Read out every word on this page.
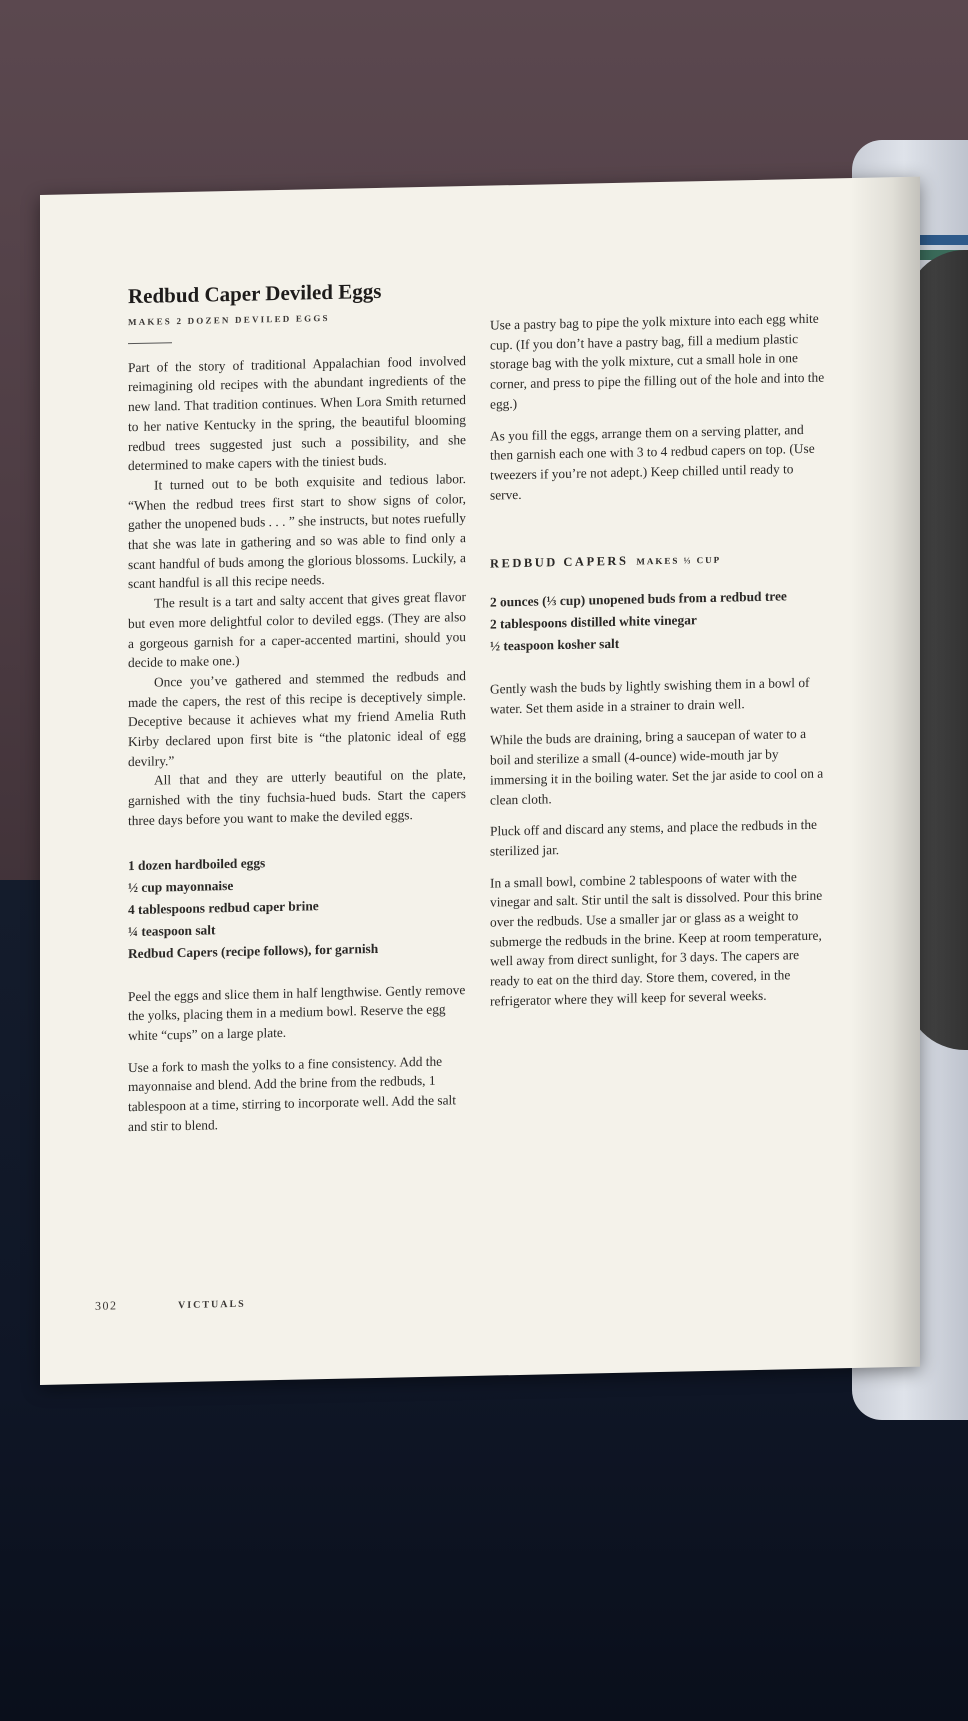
Redbud Caper Deviled Eggs
MAKES 2 DOZEN DEVILED EGGS

Part of the story of traditional Appalachian food involved reimagining old recipes with the abundant ingredients of the new land. That tradition continues. When Lora Smith returned to her native Kentucky in the spring, the beautiful blooming redbud trees suggested just such a possibility, and she determined to make capers with the tiniest buds.

It turned out to be both exquisite and tedious labor. “When the redbud trees first start to show signs of color, gather the unopened buds . . . ” she instructs, but notes ruefully that she was late in gathering and so was able to find only a scant handful of buds among the glorious blossoms. Luckily, a scant handful is all this recipe needs.

The result is a tart and salty accent that gives great flavor but even more delightful color to deviled eggs. (They are also a gorgeous garnish for a caper-accented martini, should you decide to make one.)

Once you’ve gathered and stemmed the redbuds and made the capers, the rest of this recipe is deceptively simple. Deceptive because it achieves what my friend Amelia Ruth Kirby declared upon first bite is “the platonic ideal of egg devilry.”

All that and they are utterly beautiful on the plate, garnished with the tiny fuchsia-hued buds. Start the capers three days before you want to make the deviled eggs.

1 dozen hardboiled eggs
½ cup mayonnaise
4 tablespoons redbud caper brine
¼ teaspoon salt
Redbud Capers (recipe follows), for garnish

Peel the eggs and slice them in half lengthwise. Gently remove the yolks, placing them in a medium bowl. Reserve the egg white “cups” on a large plate.

Use a fork to mash the yolks to a fine consistency. Add the mayonnaise and blend. Add the brine from the redbuds, 1 tablespoon at a time, stirring to incorporate well. Add the salt and stir to blend.

Use a pastry bag to pipe the yolk mixture into each egg white cup. (If you don’t have a pastry bag, fill a medium plastic storage bag with the yolk mixture, cut a small hole in one corner, and press to pipe the filling out of the hole and into the egg.)

As you fill the eggs, arrange them on a serving platter, and then garnish each one with 3 to 4 redbud capers on top. (Use tweezers if you’re not adept.) Keep chilled until ready to serve.

REDBUD CAPERS MAKES ⅓ CUP
2 ounces (⅓ cup) unopened buds from a redbud tree
2 tablespoons distilled white vinegar
½ teaspoon kosher salt

Gently wash the buds by lightly swishing them in a bowl of water. Set them aside in a strainer to drain well.

While the buds are draining, bring a saucepan of water to a boil and sterilize a small (4-ounce) wide-mouth jar by immersing it in the boiling water. Set the jar aside to cool on a clean cloth.

Pluck off and discard any stems, and place the redbuds in the sterilized jar.

In a small bowl, combine 2 tablespoons of water with the vinegar and salt. Stir until the salt is dissolved. Pour this brine over the redbuds. Use a smaller jar or glass as a weight to submerge the redbuds in the brine. Keep at room temperature, well away from direct sunlight, for 3 days. The capers are ready to eat on the third day. Store them, covered, in the refrigerator where they will keep for several weeks.

302	VICTUALS
